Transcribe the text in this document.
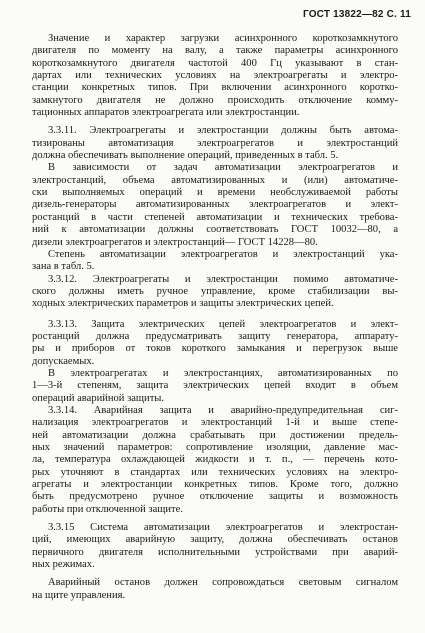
ГОСТ 13822—82 С. 11
Значение и характер загрузки асинхронного короткозамкнутого
двигателя по моменту на валу, а также параметры асинхронного
короткозамкнутого двигателя частотой 400 Гц указывают в стан-
дартах или технических условиях на электроагрегаты и электро-
станции конкретных типов. При включении асинхронного коротко-
замкнутого двигателя не должно происходить отключение комму-
тационных аппаратов электроагрегата или электростанции.
3.3.11. Электроагрегаты и электростанции должны быть автома-
тизированы автоматизация электроагрегатов и электростанций
должна обеспечивать выполнение операций, приведенных в табл. 5.
В зависимости от задач автоматизации электроагрегатов и
электростанций, объема автоматизированных и (или) автоматиче-
ски выполняемых операций и времени необслуживаемой работы
дизель-генераторы автоматизированных электроагрегатов и элект-
ростанций в части степеней автоматизации и технических требова-
ний к автоматизации должны соответствовать ГОСТ 10032—80, а
дизели электроагрегатов и электростанций— ГОСТ 14228—80.
Степень автоматизации электроагрегатов и электростанций ука-
зана в табл. 5.
3.3.12. Электроагрегаты и электростанции помимо автоматиче-
ского должны иметь ручное управление, кроме стабилизации вы-
ходных электрических параметров и защиты электрических цепей.
3.3.13. Защита электрических цепей электроагрегатов и элект-
ростанций должна предусматривать защиту генератора, аппарату-
ры и приборов от токов короткого замыкания и перегрузок выше
допускаемых.
В электроагрегатах и электростанциях, автоматизированных по
1—3-й степеням, защита электрических цепей входит в объем
операций аварийной защиты.
3.3.14. Аварийная защита и аварийно-предупредительная сиг-
нализация электроагрегатов и электростанций 1-й и выше степе-
ней автоматизации должна срабатывать при достижении предель-
ных значений параметров: сопротивление изоляции, давление мас-
ла, температура охлаждающей жидкости и т. п., — перечень кото-
рых уточняют в стандартах или технических условиях на электро-
агрегаты и электростанции конкретных типов. Кроме того, должно
быть предусмотрено ручное отключение защиты и возможность
работы при отключенной защите.
3.3.15 Система автоматизации электроагрегатов и электростан-
ций, имеющих аварийную защиту, должна обеспечивать останов
первичного двигателя исполнительными устройствами при аварий-
ных режимах.
Аварийный останов должен сопровождаться световым сигналом
на щите управления.
